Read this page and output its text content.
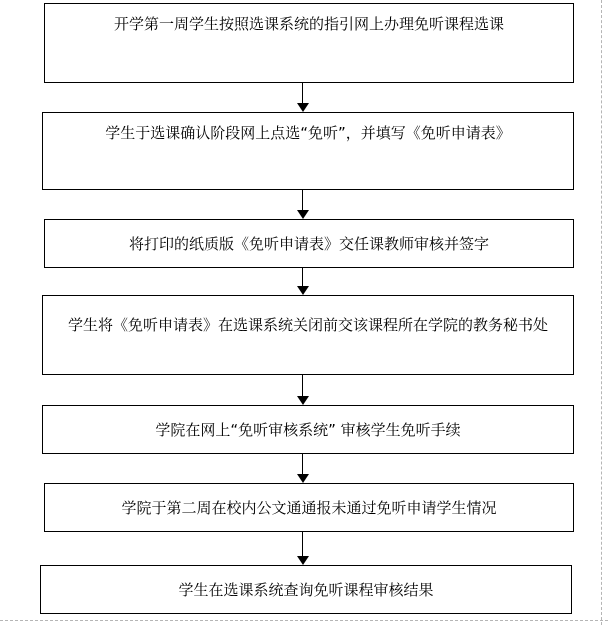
开学第一周学生按照选课系统的指引网上办理免听课程选课
学生于选课确认阶段网上点选“免听”，并填写《免听申请表》
将打印的纸质版《免听申请表》交任课教师审核并签字
学生将《免听申请表》在选课系统关闭前交该课程所在学院的教务秘书处
学院在网上“免听审核系统” 审核学生免听手续
学院于第二周在校内公文通通报未通过免听申请学生情况
学生在选课系统查询免听课程审核结果
